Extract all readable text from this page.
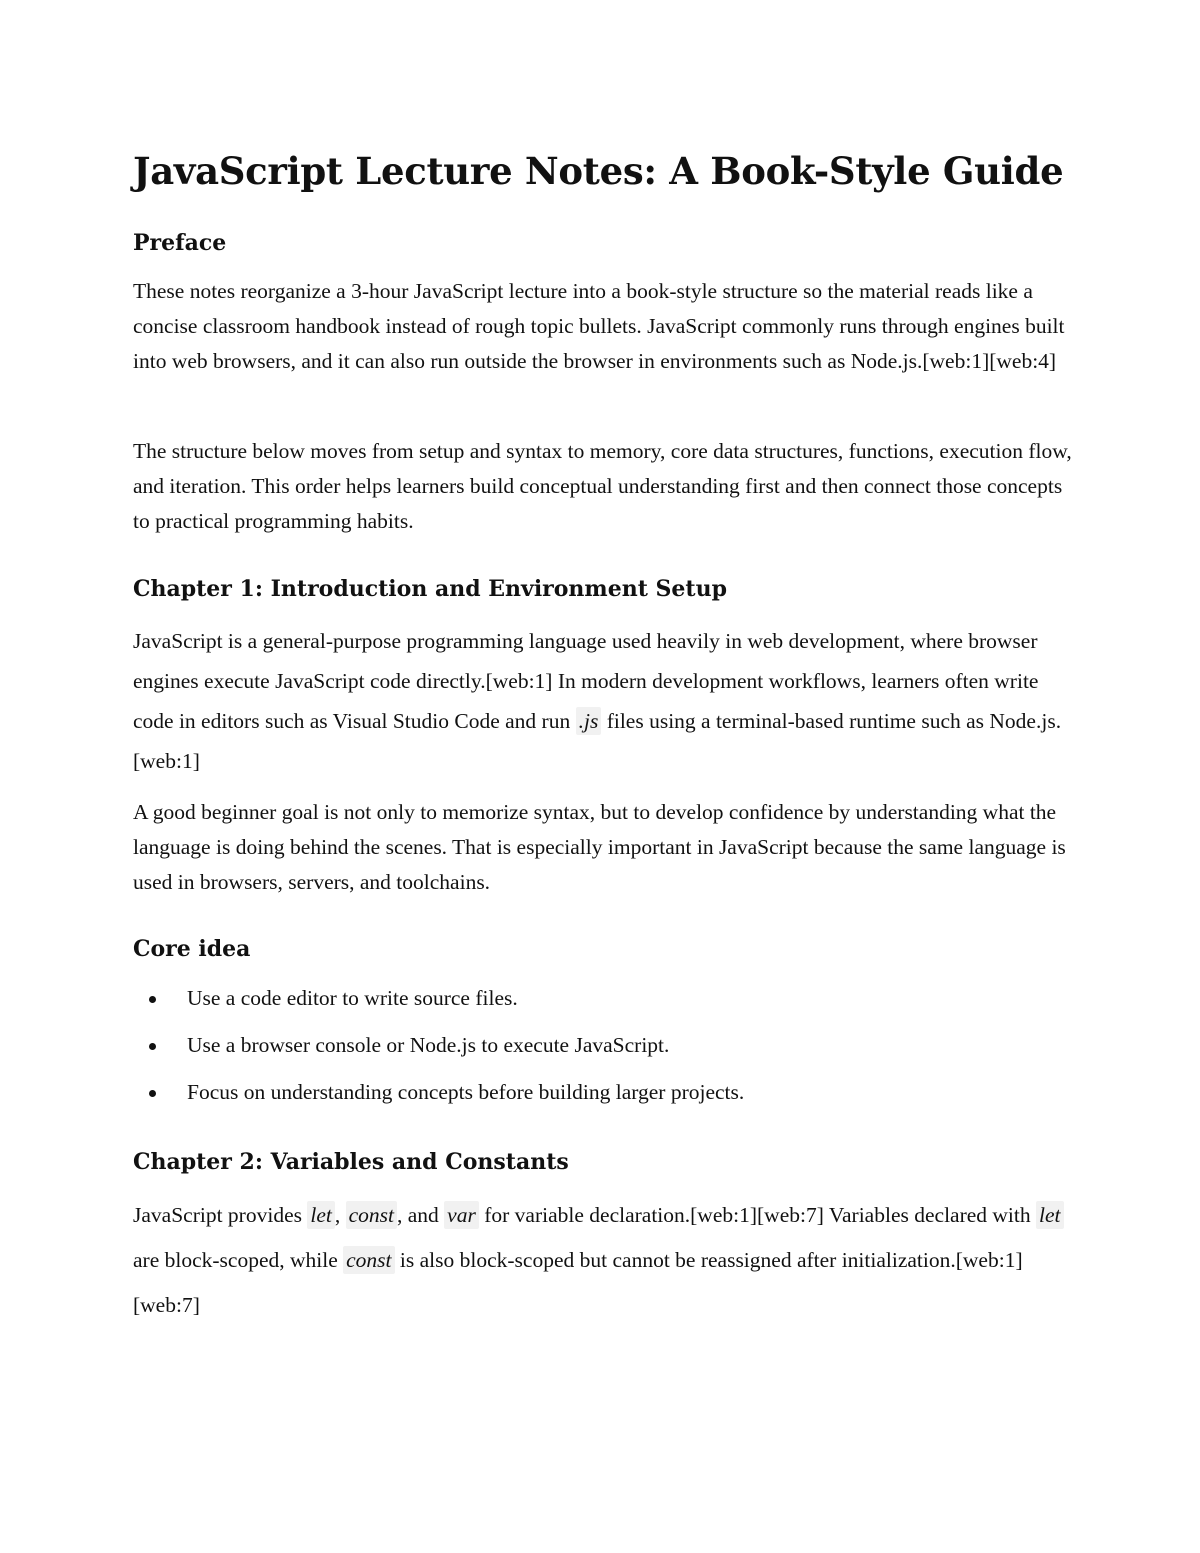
JavaScript Lecture Notes: A Book-Style Guide
Preface

These notes reorganize a 3-hour JavaScript lecture into a book-style structure so the material reads like a concise classroom handbook instead of rough topic bullets. JavaScript commonly runs through engines built into web browsers, and it can also run outside the browser in environments such as Node.js.[web:1][web:4]

The structure below moves from setup and syntax to memory, core data structures, functions, execution flow, and iteration. This order helps learners build conceptual understanding first and then connect those concepts to practical programming habits.

Chapter 1: Introduction and Environment Setup

JavaScript is a general-purpose programming language used heavily in web development, where browser engines execute JavaScript code directly.[web:1] In modern development workflows, learners often write code in editors such as Visual Studio Code and run .js files using a terminal-based runtime such as Node.js.[web:1]

A good beginner goal is not only to memorize syntax, but to develop confidence by understanding what the language is doing behind the scenes. That is especially important in JavaScript because the same language is used in browsers, servers, and toolchains.

Core idea
Use a code editor to write source files.
Use a browser console or Node.js to execute JavaScript.
Focus on understanding concepts before building larger projects.
Chapter 2: Variables and Constants

JavaScript provides let , const , and var for variable declaration.[web:1][web:7] Variables declared with let are block-scoped, while const is also block-scoped but cannot be reassigned after initialization.[web:1][web:7]
